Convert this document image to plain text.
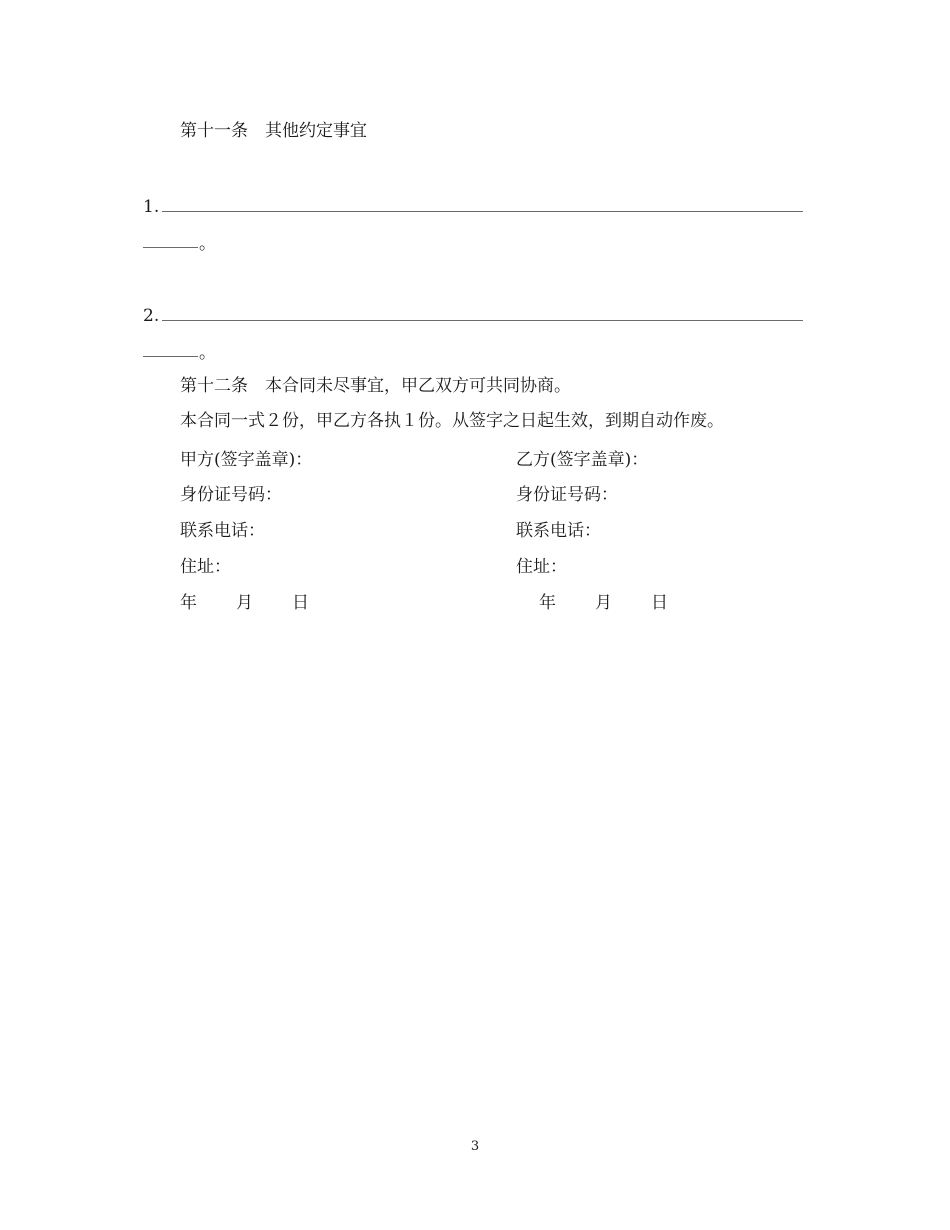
第十一条　其他约定事宜
1.
。
2.
。
第十二条　本合同未尽事宜，甲乙双方可共同协商。
本合同一式２份，甲乙方各执１份。从签字之日起生效，到期自动作废。
甲方(签字盖章)：
身份证号码：
联系电话：
住址：
年 月 日
乙方(签字盖章)：
身份证号码：
联系电话：
住址：
年 月 日
3
